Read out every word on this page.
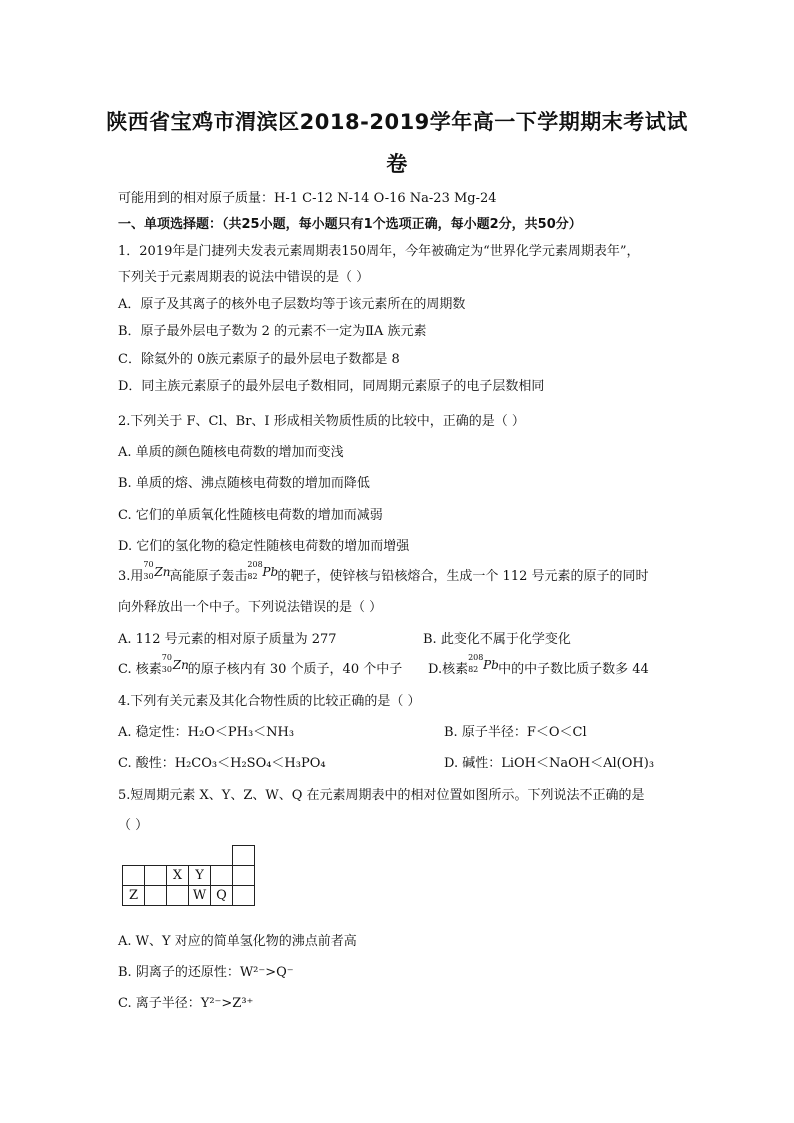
陕西省宝鸡市渭滨区2018-2019学年高一下学期期末考试试
卷
可能用到的相对原子质量：H-1 C-12 N-14 O-16 Na-23 Mg-24
一、单项选择题：（共25小题，每小题只有1个选项正确，每小题2分，共50分）
1．2019年是门捷列夫发表元素周期表150周年，今年被确定为“世界化学元素周期表年”，
下列关于元素周期表的说法中错误的是（ ）
A．原子及其离子的核外电子层数均等于该元素所在的周期数
B．原子最外层电子数为 2 的元素不一定为ⅡA 族元素
C．除氦外的 0族元素原子的最外层电子数都是 8
D．同主族元素原子的最外层电子数相同，同周期元素原子的电子层数相同
2.下列关于 F、Cl、Br、I 形成相关物质性质的比较中，正确的是（ ）
A. 单质的颜色随核电荷数的增加而变浅
B. 单质的熔、沸点随核电荷数的增加而降低
C. 它们的单质氧化性随核电荷数的增加而减弱
D. 它们的氢化物的稳定性随核电荷数的增加而增强
3.用
70
30 Zn
高能原子轰击
208
82 Pb 的靶子，使锌核与铅核熔合，生成一个 112 号元素的原子的同时
向外释放出一个中子。下列说法错误的是（ ）
A. 112 号元素的相对原子质量为 277	B. 此变化不属于化学变化
C. 核素
70
30 Zn
的原子核内有 30 个质子，40 个中子 D.核素
208
82 Pb 中的中子数比质子数多 44
4.下列有关元素及其化合物性质的比较正确的是（ ）
A. 稳定性：H₂O＜PH₃＜NH₃	B. 原子半径：F＜O＜Cl
C. 酸性：H₂CO₃＜H₂SO₄＜H₃PO₄	D. 碱性：LiOH＜NaOH＜Al(OH)₃
5.短周期元素 X、Y、Z、W、Q 在元素周期表中的相对位置如图所示。下列说法不正确的是
（ ）

		X	Y		
Z			W	Q	
A. W、Y 对应的简单氢化物的沸点前者高
B. 阴离子的还原性：W²⁻>Q⁻
C. 离子半径：Y²⁻>Z³⁺
